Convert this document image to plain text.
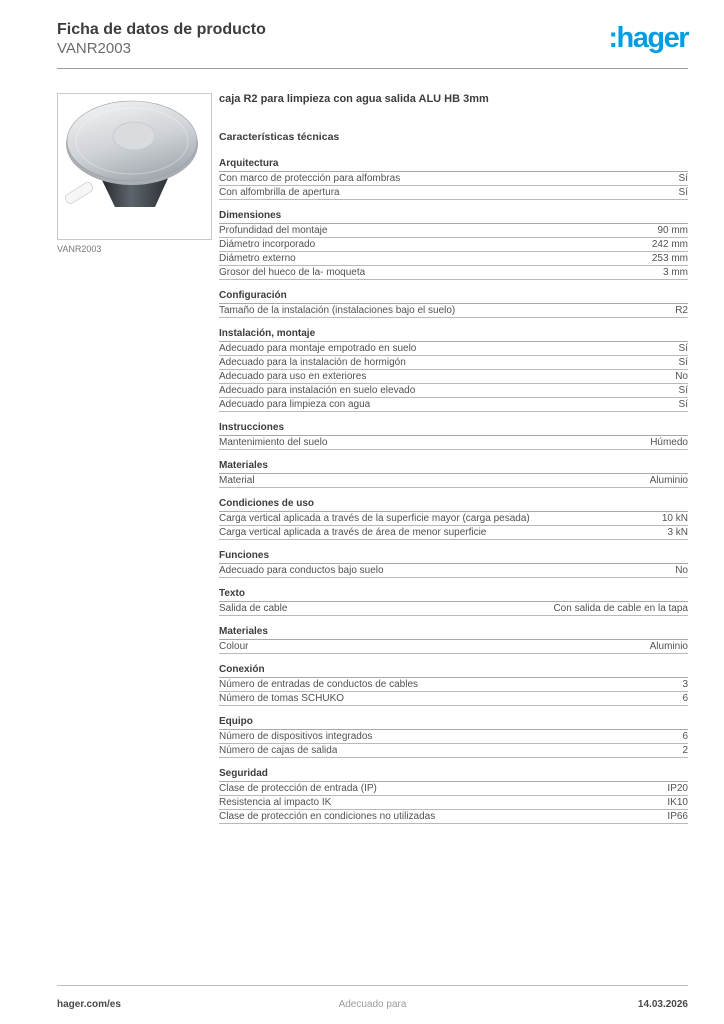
Ficha de datos de producto
VANR2003	:hager
VANR2003
caja R2 para limpieza con agua salida ALU HB 3mm
Características técnicas
Arquitectura
Con marco de protección para alfombras	Sí
Con alfombrilla de apertura	Sí
Dimensiones
Profundidad del montaje	90 mm
Diámetro incorporado	242 mm
Diámetro externo	253 mm
Grosor del hueco de la- moqueta	3 mm
Configuración
Tamaño de la instalación (instalaciones bajo el suelo)	R2
Instalación, montaje
Adecuado para montaje empotrado en suelo	Sí
Adecuado para la instalación de hormigón	Sí
Adecuado para uso en exteriores	No
Adecuado para instalación en suelo elevado	Sí
Adecuado para limpieza con agua	Sí
Instrucciones
Mantenimiento del suelo	Húmedo
Materiales
Material	Aluminio
Condiciones de uso
Carga vertical aplicada a través de la superficie mayor (carga pesada)	10 kN
Carga vertical aplicada a través de área de menor superficie	3 kN
Funciones
Adecuado para conductos bajo suelo	No
Texto
Salida de cable	Con salida de cable en la tapa
Materiales
Colour	Aluminio
Conexión
Número de entradas de conductos de cables	3
Número de tomas SCHUKO	6
Equipo
Número de dispositivos integrados	6
Número de cajas de salida	2
Seguridad
Clase de protección de entrada (IP)	IP20
Resistencia al impacto IK	IK10
Clase de protección en condiciones no utilizadas	IP66
hager.com/es	Adecuado para	14.03.2026
